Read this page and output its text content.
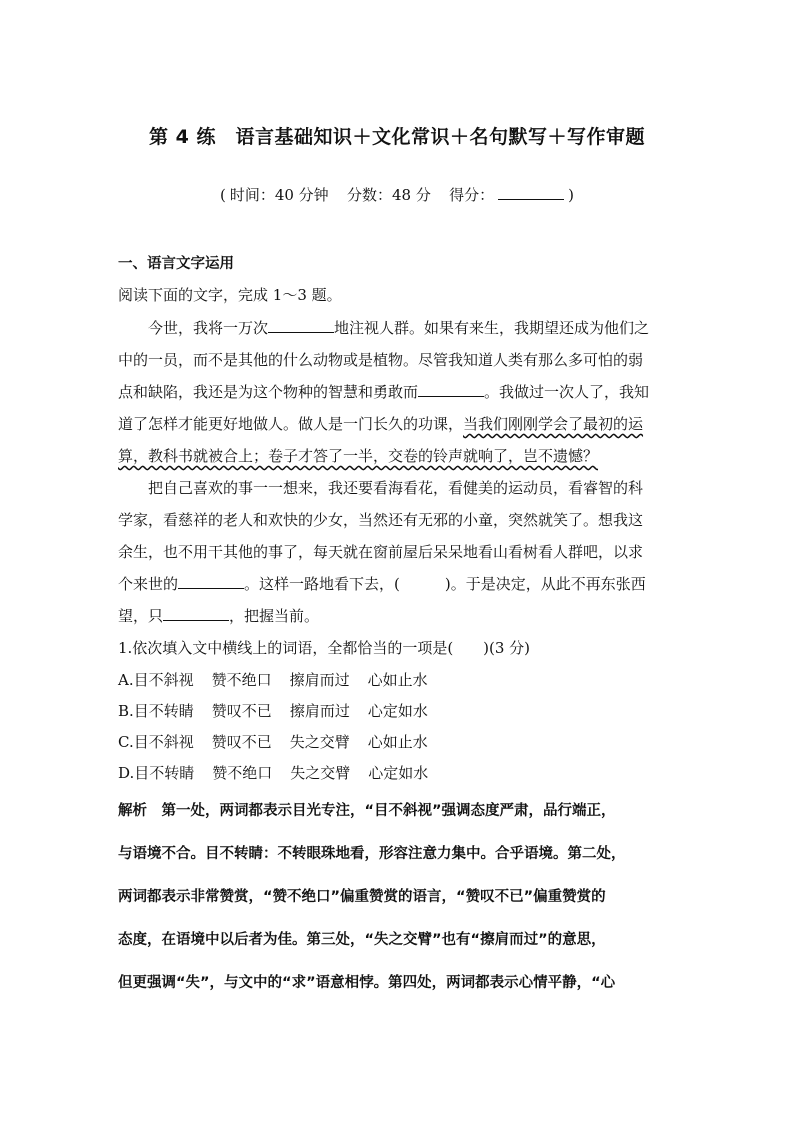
第 4 练　语言基础知识＋文化常识＋名句默写＋写作审题
( 时间：40 分钟 分数：48 分 得分：	)
一、语言文字运用
阅读下面的文字，完成 1～3 题。
今世，我将一万次	地注视人群。如果有来生，我期望还成为他们之
中的一员，而不是其他的什么动物或是植物。尽管我知道人类有那么多可怕的弱
点和缺陷，我还是为这个物种的智慧和勇敢而	。我做过一次人了，我知
道了怎样才能更好地做人。做人是一门长久的功课，当我们刚刚学会了最初的运
算，教科书就被合上；卷子才答了一半，交卷的铃声就响了，岂不遗憾？
把自己喜欢的事一一想来，我还要看海看花，看健美的运动员，看睿智的科
学家，看慈祥的老人和欢快的少女，当然还有无邪的小童，突然就笑了。想我这
余生，也不用干其他的事了，每天就在窗前屋后呆呆地看山看树看人群吧，以求
个来世的	。这样一路地看下去，(　　　)。于是决定，从此不再东张西
望，只	，把握当前。
1.依次填入文中横线上的词语，全都恰当的一项是(　　)(3 分)
A.目不斜视 赞不绝口 擦肩而过 心如止水
B.目不转睛 赞叹不已 擦肩而过 心定如水
C.目不斜视 赞叹不已 失之交臂 心如止水
D.目不转睛 赞不绝口 失之交臂 心定如水
解析　第一处，两词都表示目光专注，“目不斜视”强调态度严肃，品行端正，
与语境不合。目不转睛：不转眼珠地看，形容注意力集中。合乎语境。第二处，
两词都表示非常赞赏，“赞不绝口”偏重赞赏的语言，“赞叹不已”偏重赞赏的
态度，在语境中以后者为佳。第三处，“失之交臂”也有“擦肩而过”的意思，
但更强调“失”，与文中的“求”语意相悖。第四处，两词都表示心情平静，“心
